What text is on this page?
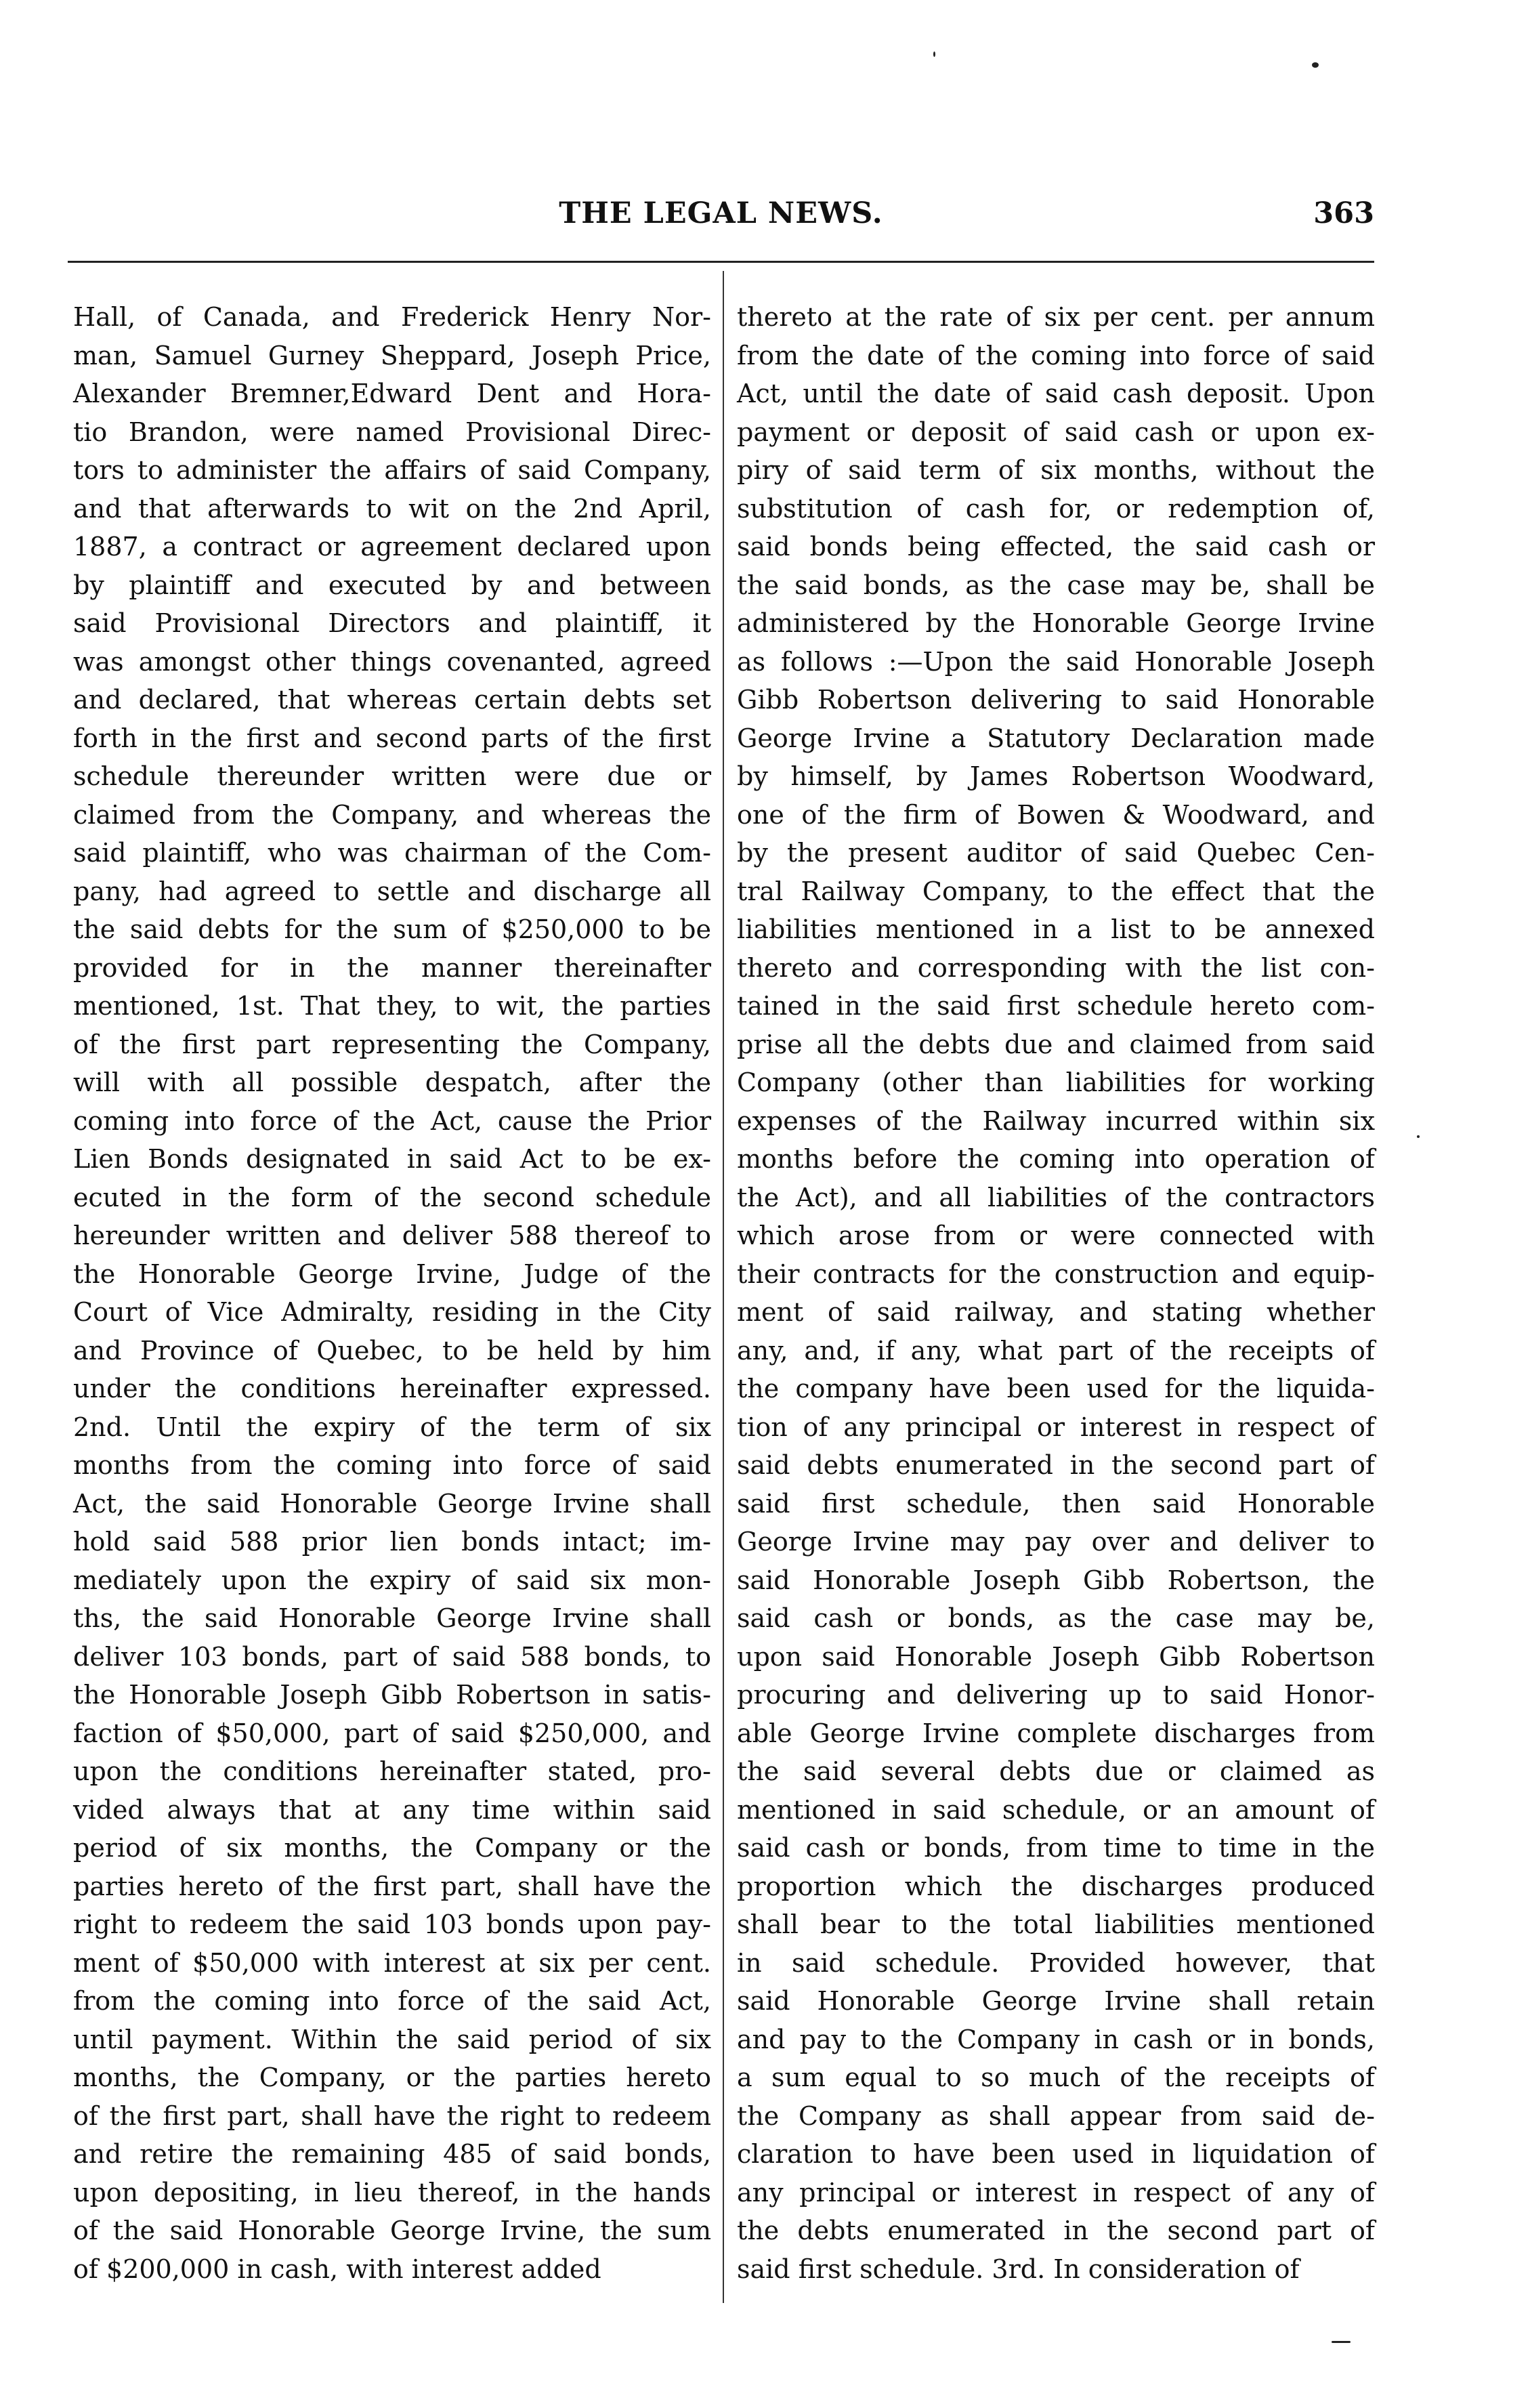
THE LEGAL NEWS.	363
Hall, of Canada, and Frederick Henry Nor-
man, Samuel Gurney Sheppard, Joseph Price,
Alexander Bremner,Edward Dent and Hora-
tio Brandon, were named Provisional Direc-
tors to administer the affairs of said Company,
and that afterwards to wit on the 2nd April,
1887, a contract or agreement declared upon
by plaintiff and executed by and between
said Provisional Directors and plaintiff, it
was amongst other things covenanted, agreed
and declared, that whereas certain debts set
forth in the first and second parts of the first
schedule thereunder written were due or
claimed from the Company, and whereas the
said plaintiff, who was chairman of the Com-
pany, had agreed to settle and discharge all
the said debts for the sum of $250,000 to be
provided for in the manner thereinafter
mentioned, 1st. That they, to wit, the parties
of the first part representing the Company,
will with all possible despatch, after the
coming into force of the Act, cause the Prior
Lien Bonds designated in said Act to be ex-
ecuted in the form of the second schedule
hereunder written and deliver 588 thereof to
the Honorable George Irvine, Judge of the
Court of Vice Admiralty, residing in the City
and Province of Quebec, to be held by him
under the conditions hereinafter expressed.
2nd. Until the expiry of the term of six
months from the coming into force of said
Act, the said Honorable George Irvine shall
hold said 588 prior lien bonds intact; im-
mediately upon the expiry of said six mon-
ths, the said Honorable George Irvine shall
deliver 103 bonds, part of said 588 bonds, to
the Honorable Joseph Gibb Robertson in satis-
faction of $50,000, part of said $250,000, and
upon the conditions hereinafter stated, pro-
vided always that at any time within said
period of six months, the Company or the
parties hereto of the first part, shall have the
right to redeem the said 103 bonds upon pay-
ment of $50,000 with interest at six per cent.
from the coming into force of the said Act,
until payment. Within the said period of six
months, the Company, or the parties hereto
of the first part, shall have the right to redeem
and retire the remaining 485 of said bonds,
upon depositing, in lieu thereof, in the hands
of the said Honorable George Irvine, the sum
of $200,000 in cash, with interest added
thereto at the rate of six per cent. per annum
from the date of the coming into force of said
Act, until the date of said cash deposit. Upon
payment or deposit of said cash or upon ex-
piry of said term of six months, without the
substitution of cash for, or redemption of,
said bonds being effected, the said cash or
the said bonds, as the case may be, shall be
administered by the Honorable George Irvine
as follows :—Upon the said Honorable Joseph
Gibb Robertson delivering to said Honorable
George Irvine a Statutory Declaration made
by himself, by James Robertson Woodward,
one of the firm of Bowen & Woodward, and
by the present auditor of said Quebec Cen-
tral Railway Company, to the effect that the
liabilities mentioned in a list to be annexed
thereto and corresponding with the list con-
tained in the said first schedule hereto com-
prise all the debts due and claimed from said
Company (other than liabilities for working
expenses of the Railway incurred within six
months before the coming into operation of
the Act), and all liabilities of the contractors
which arose from or were connected with
their contracts for the construction and equip-
ment of said railway, and stating whether
any, and, if any, what part of the receipts of
the company have been used for the liquida-
tion of any principal or interest in respect of
said debts enumerated in the second part of
said first schedule, then said Honorable
George Irvine may pay over and deliver to
said Honorable Joseph Gibb Robertson, the
said cash or bonds, as the case may be,
upon said Honorable Joseph Gibb Robertson
procuring and delivering up to said Honor-
able George Irvine complete discharges from
the said several debts due or claimed as
mentioned in said schedule, or an amount of
said cash or bonds, from time to time in the
proportion which the discharges produced
shall bear to the total liabilities mentioned
in said schedule. Provided however, that
said Honorable George Irvine shall retain
and pay to the Company in cash or in bonds,
a sum equal to so much of the receipts of
the Company as shall appear from said de-
claration to have been used in liquidation of
any principal or interest in respect of any of
the debts enumerated in the second part of
said first schedule. 3rd. In consideration of
